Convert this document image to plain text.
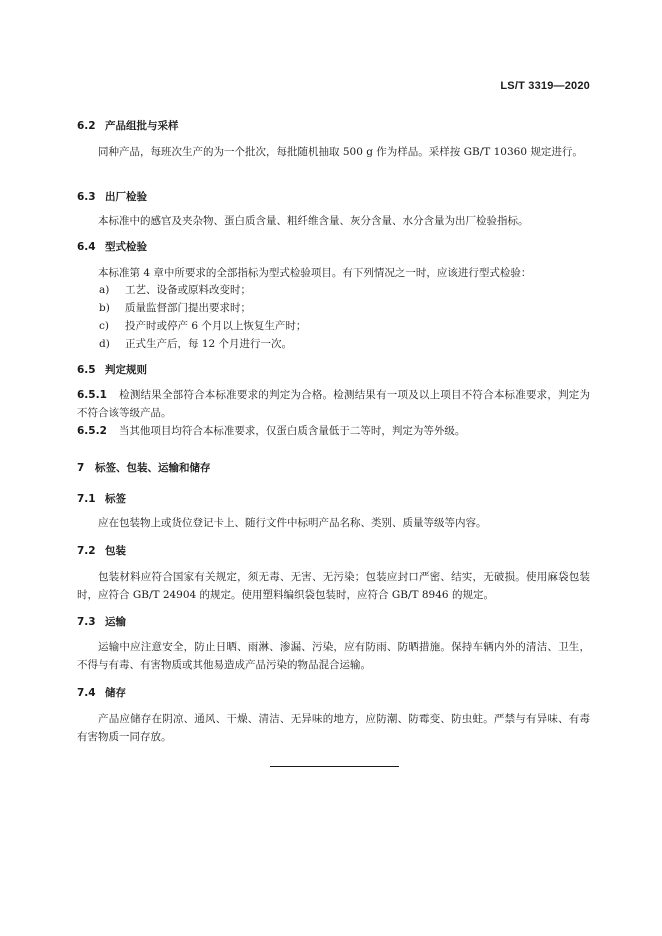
LS/T 3319—2020
6.2 产品组批与采样
同种产品，每班次生产的为一个批次，每批随机抽取 500 g 作为样品。采样按 GB/T 10360 规定进行。
6.3 出厂检验
本标准中的感官及夹杂物、蛋白质含量、粗纤维含量、灰分含量、水分含量为出厂检验指标。
6.4 型式检验
本标准第 4 章中所要求的全部指标为型式检验项目。有下列情况之一时，应该进行型式检验：
a) 工艺、设备或原料改变时；
b) 质量监督部门提出要求时；
c) 投产时或停产 6 个月以上恢复生产时；
d) 正式生产后，每 12 个月进行一次。
6.5 判定规则
6.5.1 检测结果全部符合本标准要求的判定为合格。检测结果有一项及以上项目不符合本标准要求，判定为不符合该等级产品。
6.5.2 当其他项目均符合本标准要求，仅蛋白质含量低于二等时，判定为等外级。
7 标签、包装、运输和储存
7.1 标签
应在包装物上或货位登记卡上、随行文件中标明产品名称、类别、质量等级等内容。
7.2 包装
包装材料应符合国家有关规定，须无毒、无害、无污染；包装应封口严密、结实，无破损。使用麻袋包装时，应符合 GB/T 24904 的规定。使用塑料编织袋包装时，应符合 GB/T 8946 的规定。
7.3 运输
运输中应注意安全，防止日晒、雨淋、渗漏、污染，应有防雨、防晒措施。保持车辆内外的清洁、卫生，不得与有毒、有害物质或其他易造成产品污染的物品混合运输。
7.4 储存
产品应储存在阴凉、通风、干燥、清洁、无异味的地方，应防潮、防霉变、防虫蛀。严禁与有异味、有毒有害物质一同存放。
